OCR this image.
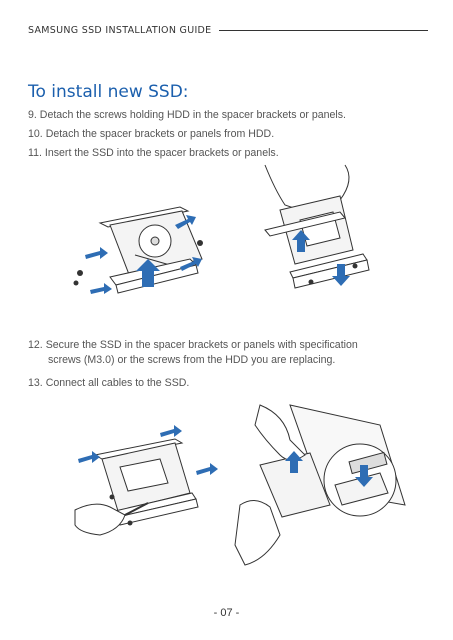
SAMSUNG SSD INSTALLATION GUIDE
To install new SSD:
9. Detach the screws holding HDD in the spacer brackets or panels.
10. Detach the spacer brackets or panels from HDD.
11. Insert the SSD into the spacer brackets or panels.
12. Secure the SSD in the spacer brackets or panels with specification
screws (M3.0) or the screws from the HDD you are replacing.
13. Connect all cables to the SSD.
- 07 -
